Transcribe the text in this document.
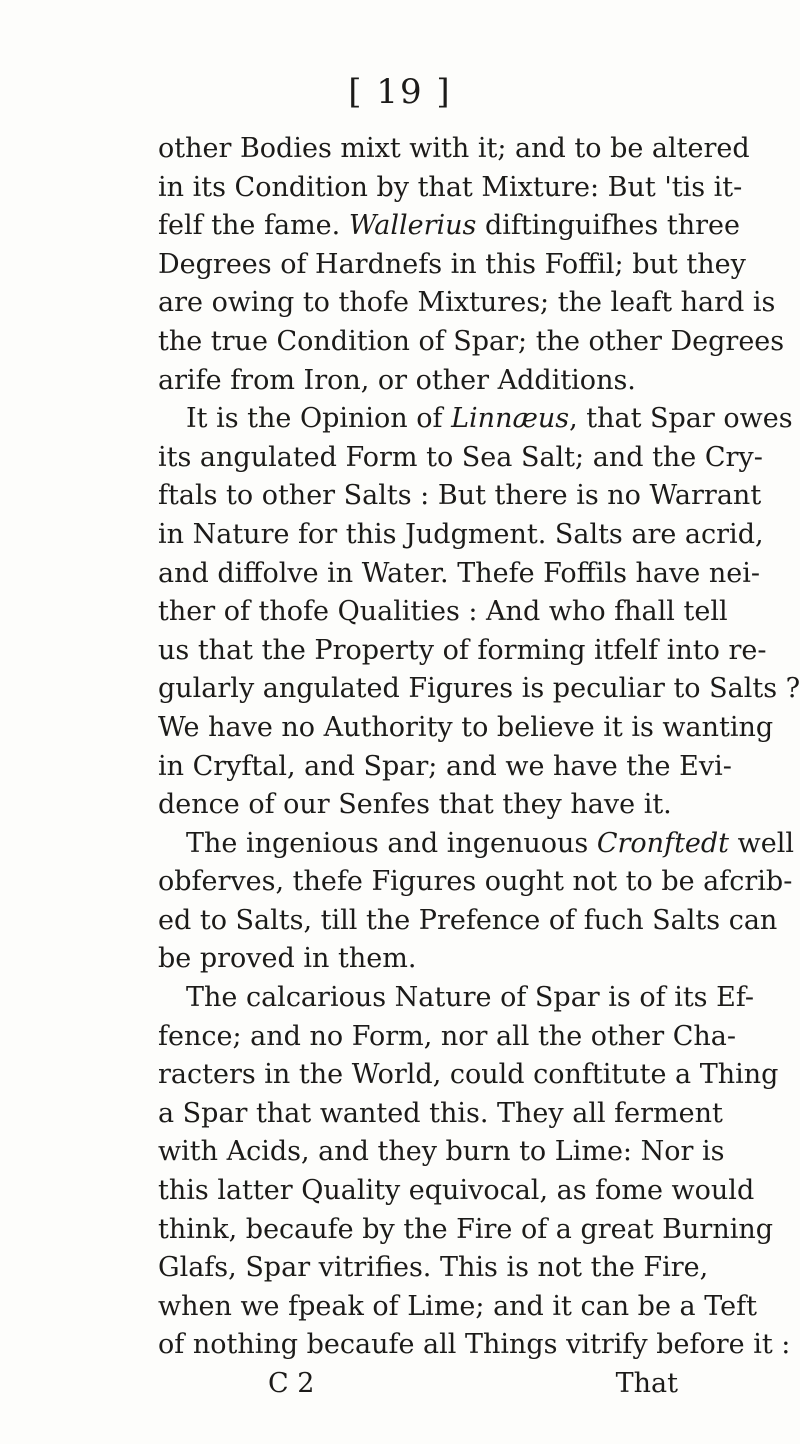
[ 19 ]
other Bodies mixt with it; and to be altered
in its Condition by that Mixture: But 'tis it-
felf the fame. Wallerius diftinguifhes three
Degrees of Hardnefs in this Foffil; but they
are owing to thofe Mixtures; the leaft hard is
the true Condition of Spar; the other Degrees
arife from Iron, or other Additions.
It is the Opinion of Linnæus, that Spar owes
its angulated Form to Sea Salt; and the Cry-
ftals to other Salts : But there is no Warrant
in Nature for this Judgment. Salts are acrid,
and diffolve in Water. Thefe Foffils have nei-
ther of thofe Qualities : And who fhall tell
us that the Property of forming itfelf into re-
gularly angulated Figures is peculiar to Salts ?
We have no Authority to believe it is wanting
in Cryftal, and Spar; and we have the Evi-
dence of our Senfes that they have it.
The ingenious and ingenuous Cronftedt well
obferves, thefe Figures ought not to be afcrib-
ed to Salts, till the Prefence of fuch Salts can
be proved in them.
The calcarious Nature of Spar is of its Ef-
fence; and no Form, nor all the other Cha-
racters in the World, could conftitute a Thing
a Spar that wanted this. They all ferment
with Acids, and they burn to Lime: Nor is
this latter Quality equivocal, as fome would
think, becaufe by the Fire of a great Burning
Glafs, Spar vitrifies. This is not the Fire,
when we fpeak of Lime; and it can be a Teft
of nothing becaufe all Things vitrify before it :
C 2	That
